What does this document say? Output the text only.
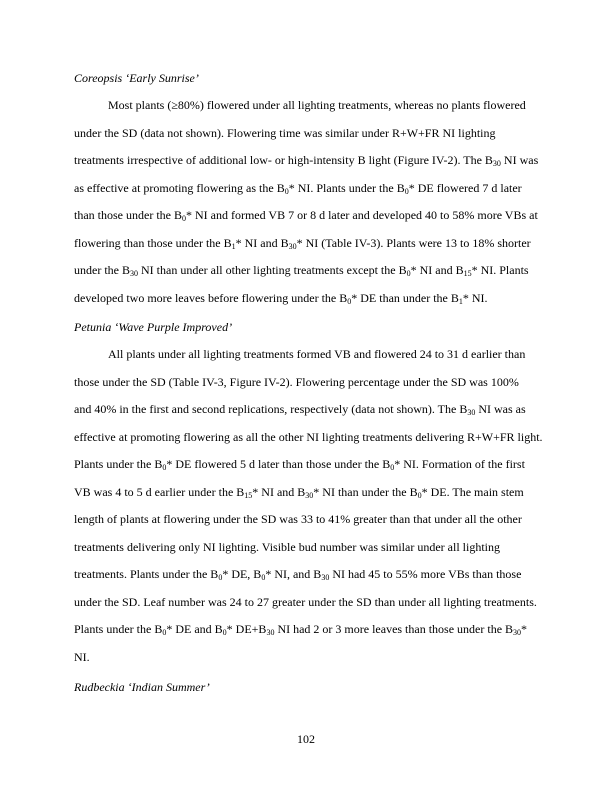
Coreopsis ‘Early Sunrise’
Most plants (≥80%) flowered under all lighting treatments, whereas no plants flowered
under the SD (data not shown). Flowering time was similar under R+W+FR NI lighting
treatments irrespective of additional low- or high-intensity B light (Figure IV-2). The $B_{30}$ NI was
as effective at promoting flowering as the $B_0*$ NI. Plants under the $B_0*$ DE flowered 7 d later
than those under the $B_0*$ NI and formed VB 7 or 8 d later and developed 40 to 58% more VBs at
flowering than those under the $B_1*$ NI and $B_{30}*$ NI (Table IV-3). Plants were 13 to 18% shorter
under the $B_{30}$ NI than under all other lighting treatments except the $B_0*$ NI and $B_{15}*$ NI. Plants
developed two more leaves before flowering under the $B_0*$ DE than under the $B_1*$ NI.
Petunia ‘Wave Purple Improved’
All plants under all lighting treatments formed VB and flowered 24 to 31 d earlier than
those under the SD (Table IV-3, Figure IV-2). Flowering percentage under the SD was 100%
and 40% in the first and second replications, respectively (data not shown). The $B_{30}$ NI was as
effective at promoting flowering as all the other NI lighting treatments delivering R+W+FR light.
Plants under the $B_0*$ DE flowered 5 d later than those under the $B_0*$ NI. Formation of the first
VB was 4 to 5 d earlier under the $B_{15}*$ NI and $B_{30}*$ NI than under the $B_0*$ DE. The main stem
length of plants at flowering under the SD was 33 to 41% greater than that under all the other
treatments delivering only NI lighting. Visible bud number was similar under all lighting
treatments. Plants under the $B_0*$ DE, $B_0*$ NI, and $B_{30}$ NI had 45 to 55% more VBs than those
under the SD. Leaf number was 24 to 27 greater under the SD than under all lighting treatments.
Plants under the $B_0*$ DE and $B_0*$ $DE+B_{30}$ NI had 2 or 3 more leaves than those under the $B_{30}*$
NI.
Rudbeckia ‘Indian Summer’
102
